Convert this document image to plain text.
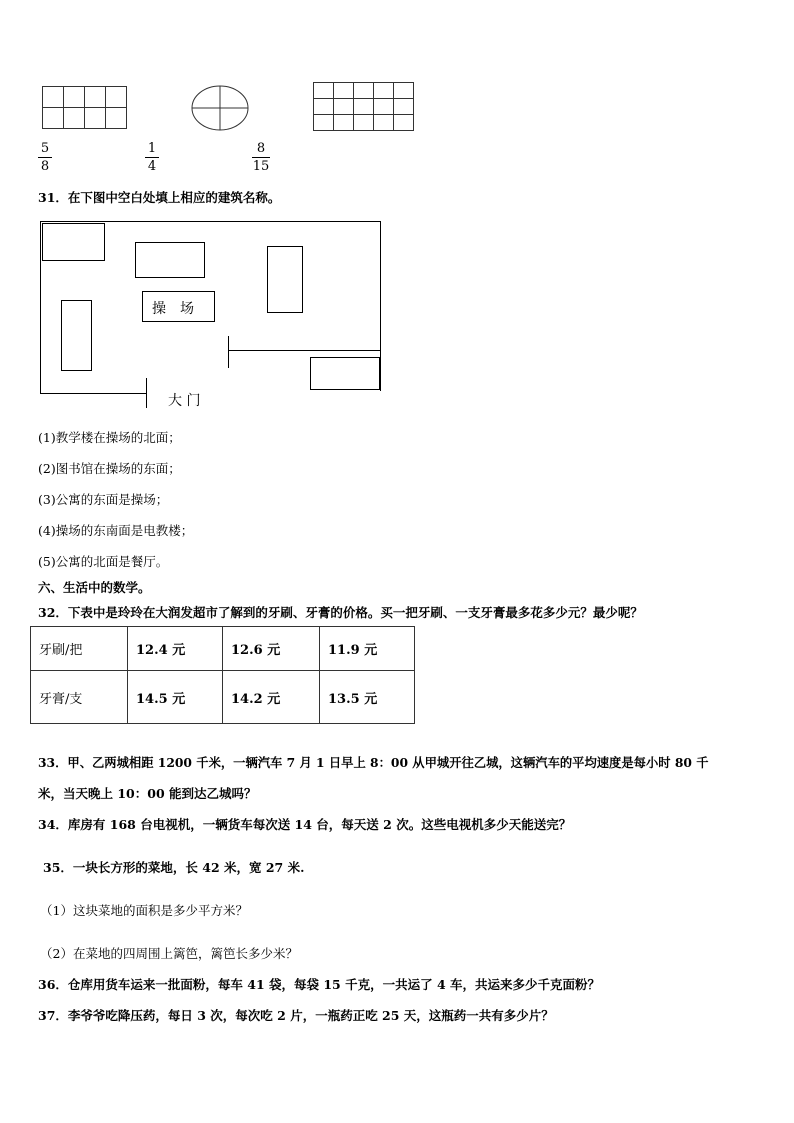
5
8
1
4
8
15
31．在下图中空白处填上相应的建筑名称。
操　场
大 门
(1)教学楼在操场的北面；
(2)图书馆在操场的东面；
(3)公寓的东面是操场；
(4)操场的东南面是电教楼；
(5)公寓的北面是餐厅。
六、生活中的数学。
32．下表中是玲玲在大润发超市了解到的牙刷、牙膏的价格。买一把牙刷、一支牙膏最多花多少元？最少呢？
牙刷/把	12.4 元	12.6 元	11.9 元
牙膏/支	14.5 元	14.2 元	13.5 元
33．甲、乙两城相距 1200 千米，一辆汽车 7 月 1 日早上 8：00 从甲城开往乙城，这辆汽车的平均速度是每小时 80 千
米，当天晚上 10：00 能到达乙城吗？
34．库房有 168 台电视机，一辆货车每次送 14 台，每天送 2 次。这些电视机多少天能送完？
35．一块长方形的菜地，长 42 米，宽 27 米.
（1）这块菜地的面积是多少平方米？
（2）在菜地的四周围上篱笆，篱笆长多少米？
36．仓库用货车运来一批面粉，每车 41 袋，每袋 15 千克，一共运了 4 车，共运来多少千克面粉？
37．李爷爷吃降压药，每日 3 次，每次吃 2 片，一瓶药正吃 25 天，这瓶药一共有多少片？
